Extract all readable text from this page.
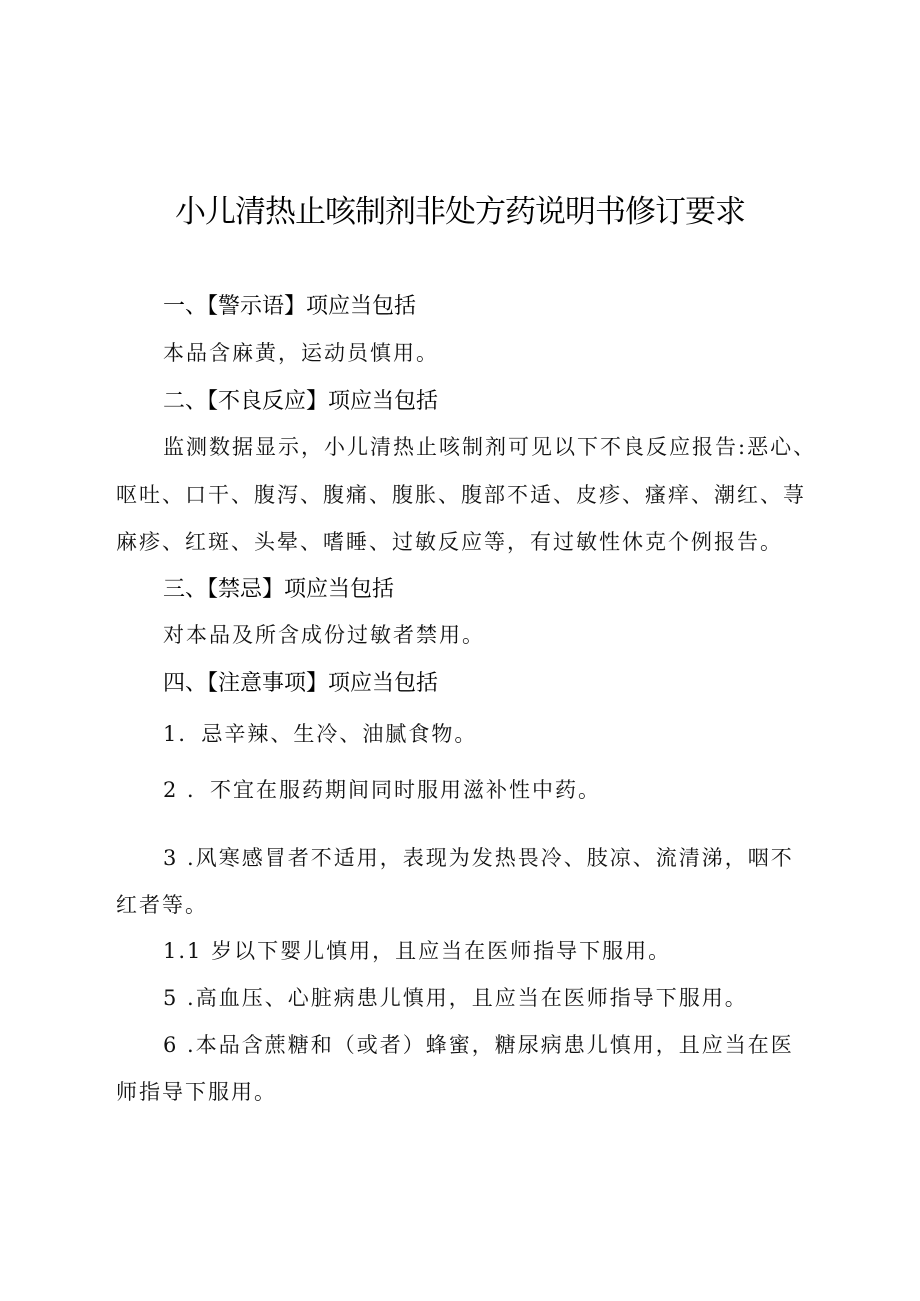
小儿清热止咳制剂非处方药说明书修订要求
一、【警示语】项应当包括
本品含麻黄，运动员慎用。
二、【不良反应】项应当包括
监测数据显示，小儿清热止咳制剂可见以下不良反应报告:恶心、
呕吐、口干、腹泻、腹痛、腹胀、腹部不适、皮疹、瘙痒、潮红、荨
麻疹、红斑、头晕、嗜睡、过敏反应等，有过敏性休克个例报告。
三、【禁忌】项应当包括
对本品及所含成份过敏者禁用。
四、【注意事项】项应当包括
1．忌辛辣、生冷、油腻食物。
2 ．不宜在服药期间同时服用滋补性中药。
3 .风寒感冒者不适用，表现为发热畏冷、肢凉、流清涕，咽不
红者等。
1.1 岁以下婴儿慎用，且应当在医师指导下服用。
5 .高血压、心脏病患儿慎用，且应当在医师指导下服用。
6 .本品含蔗糖和（或者）蜂蜜，糖尿病患儿慎用，且应当在医
师指导下服用。
